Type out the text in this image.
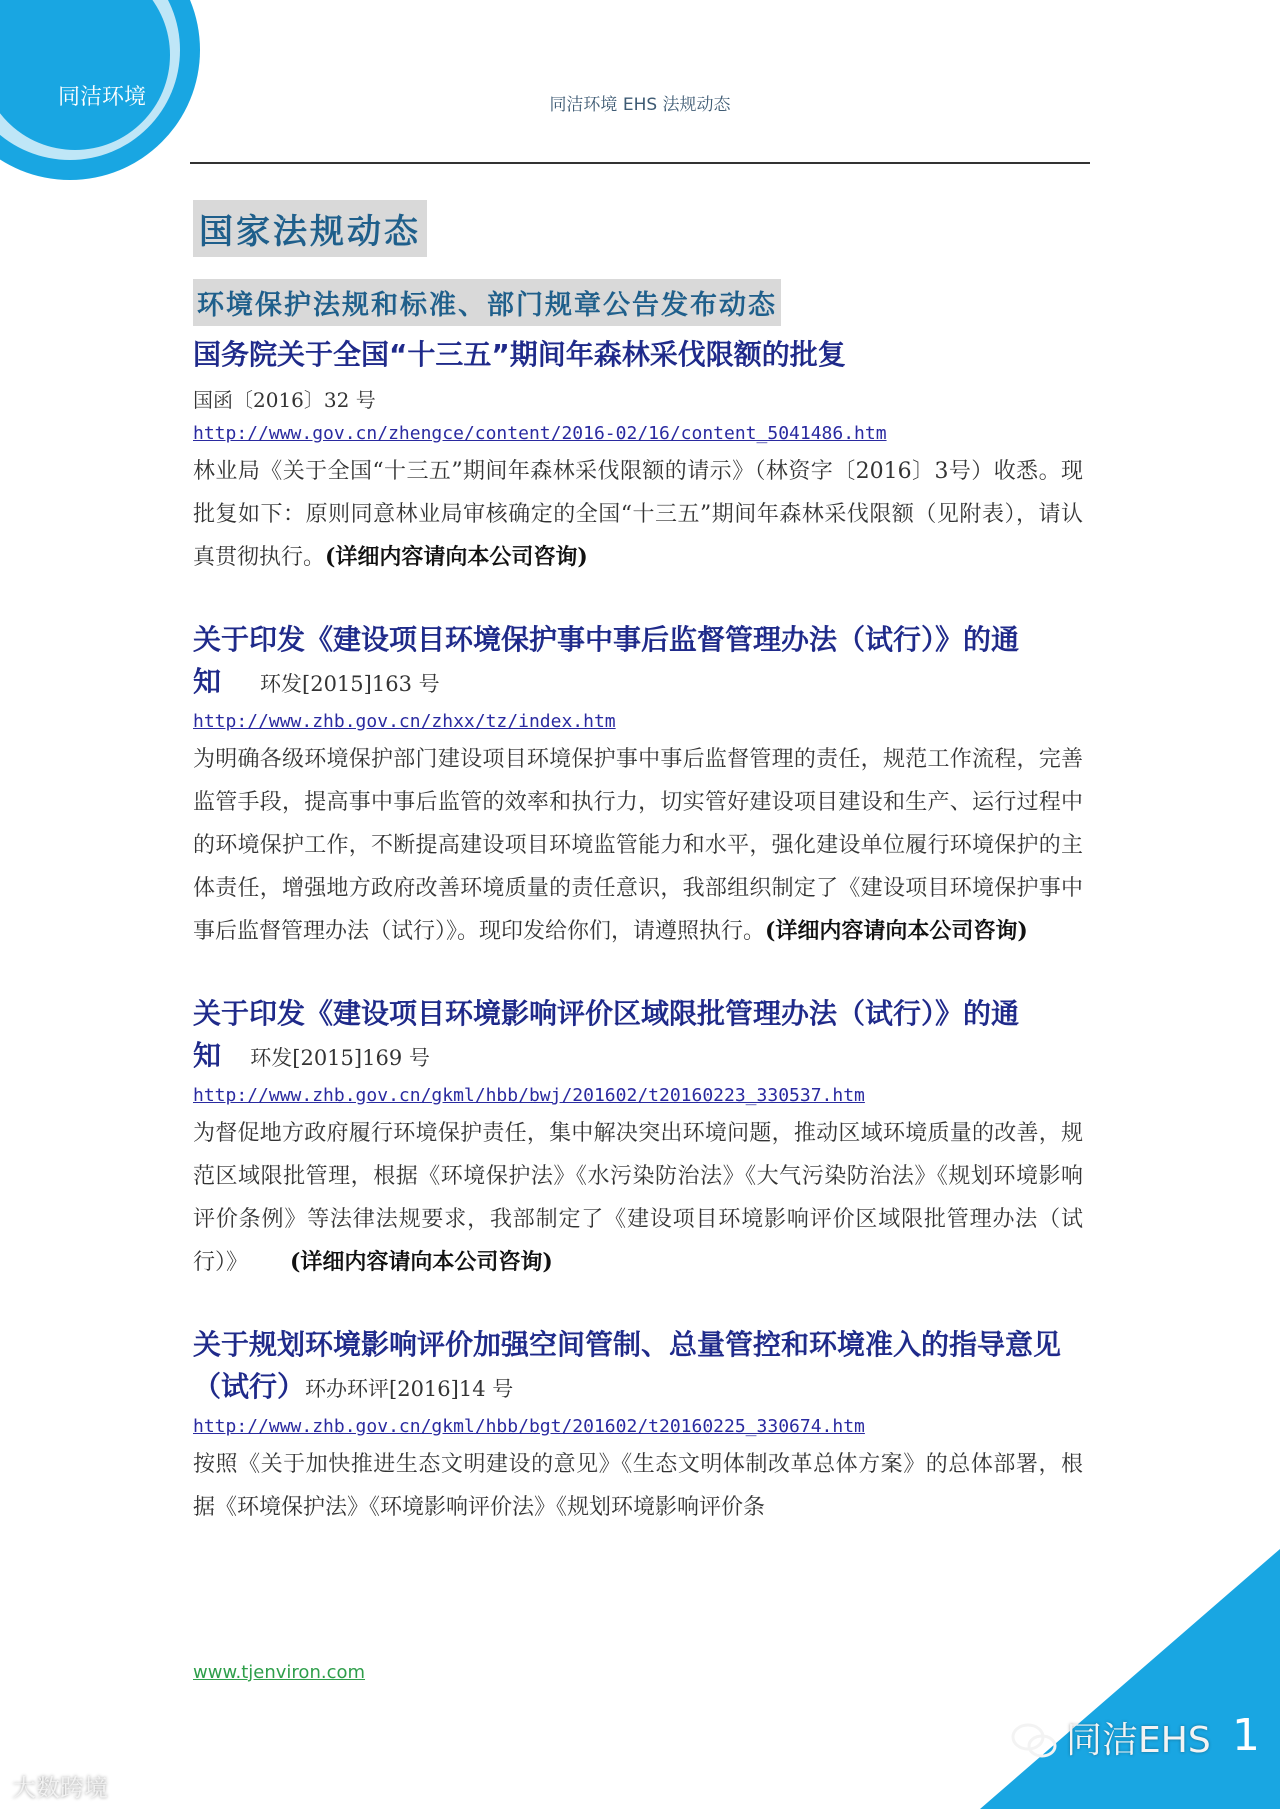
同洁环境	同洁环境 EHS 法规动态
国家法规动态
环境保护法规和标准、部门规章公告发布动态
国务院关于全国“十三五”期间年森林采伐限额的批复
国函〔2016〕32 号
http://www.gov.cn/zhengce/content/2016-02/16/content_5041486.htm
林业局《关于全国“十三五”期间年森林采伐限额的请示》（林资字〔2016〕3号）收悉。现批复如下：原则同意林业局审核确定的全国“十三五”期间年森林采伐限额（见附表），请认真贯彻执行。(详细内容请向本公司咨询)
关于印发《建设项目环境保护事中事后监督管理办法（试行）》的通知 环发[2015]163 号
http://www.zhb.gov.cn/zhxx/tz/index.htm
为明确各级环境保护部门建设项目环境保护事中事后监督管理的责任，规范工作流程，完善监管手段，提高事中事后监管的效率和执行力，切实管好建设项目建设和生产、运行过程中的环境保护工作，不断提高建设项目环境监管能力和水平，强化建设单位履行环境保护的主体责任，增强地方政府改善环境质量的责任意识，我部组织制定了《建设项目环境保护事中事后监督管理办法（试行）》。现印发给你们，请遵照执行。(详细内容请向本公司咨询)
关于印发《建设项目环境影响评价区域限批管理办法（试行）》的通知 环发[2015]169 号
http://www.zhb.gov.cn/gkml/hbb/bwj/201602/t20160223_330537.htm
为督促地方政府履行环境保护责任，集中解决突出环境问题，推动区域环境质量的改善，规范区域限批管理，根据《环境保护法》《水污染防治法》《大气污染防治法》《规划环境影响评价条例》等法律法规要求，我部制定了《建设项目环境影响评价区域限批管理办法（试行）》 (详细内容请向本公司咨询)
关于规划环境影响评价加强空间管制、总量管控和环境准入的指导意见（试行）环办环评[2016]14 号
http://www.zhb.gov.cn/gkml/hbb/bgt/201602/t20160225_330674.htm
按照《关于加快推进生态文明建设的意见》《生态文明体制改革总体方案》的总体部署，根据《环境保护法》《环境影响评价法》《规划环境影响评价条
www.tjenviron.com
同洁EHS 1
大数跨境
